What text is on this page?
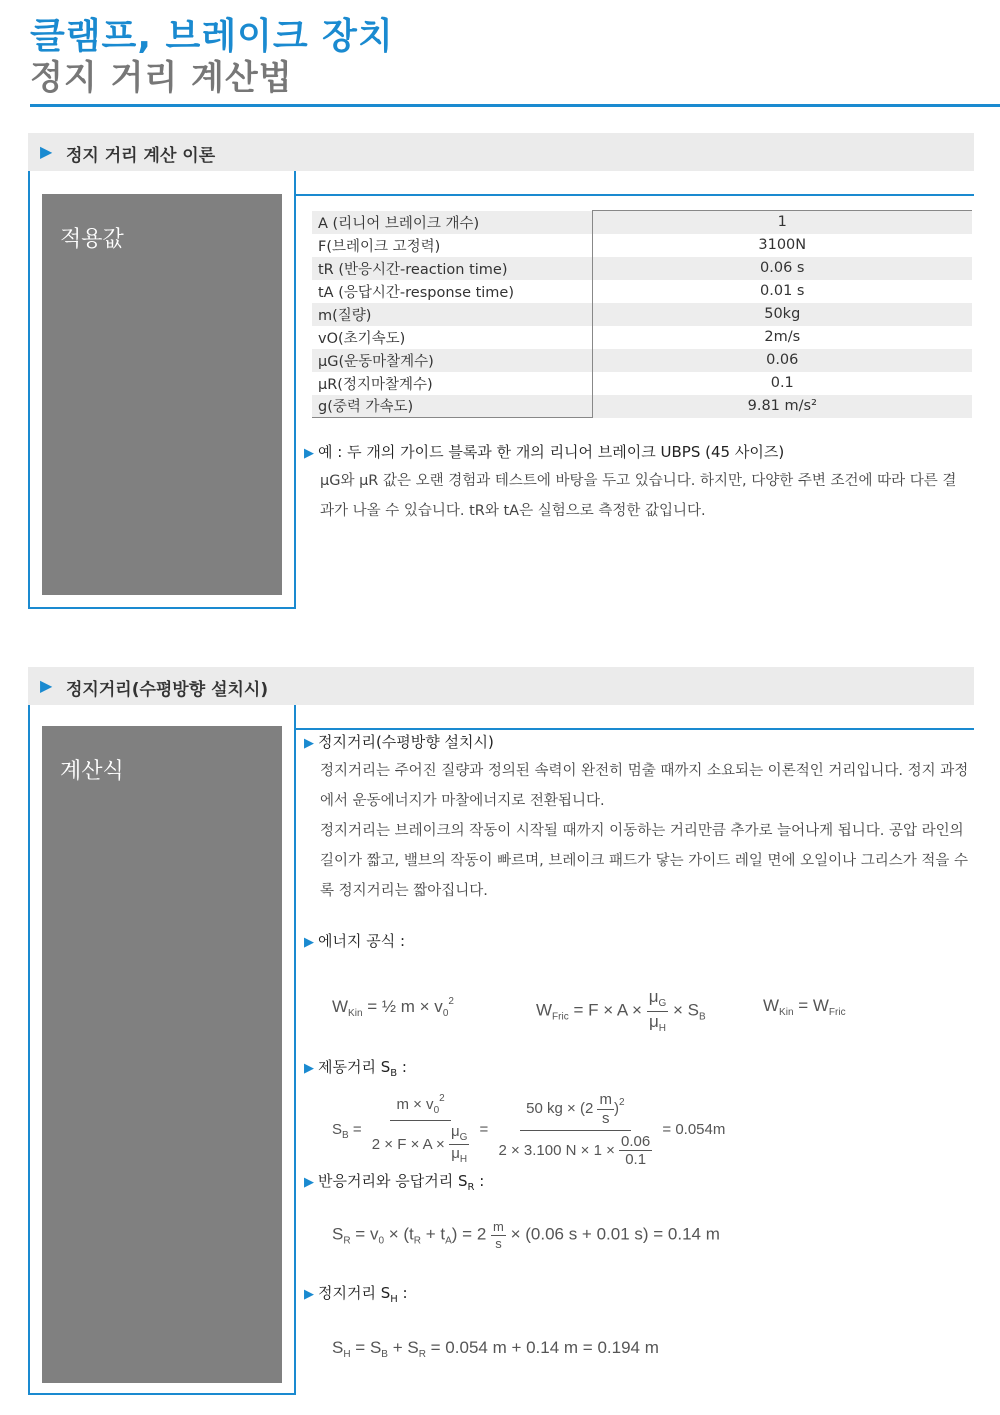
클램프, 브레이크 장치
정지 거리 계산법
▶ 정지 거리 계산 이론
적용값
A (리니어 브레이크 개수)	1
F(브레이크 고정력)	3100N
tR (반응시간-reaction time)	0.06 s
tA (응답시간-response time)	0.01 s
m(질량)	50kg
vO(초기속도)	2m/s
μG(운동마찰계수)	0.06
μR(정지마찰계수)	0.1
g(중력 가속도)	9.81 m/s²
▶ 예 : 두 개의 가이드 블록과 한 개의 리니어 브레이크 UBPS (45 사이즈)
μG와 μR 값은 오랜 경험과 테스트에 바탕을 두고 있습니다. 하지만, 다양한 주변 조건에 따라 다른 결과가 나올 수 있습니다. tR와 tA은 실험으로 측정한 값입니다.
▶ 정지거리(수평방향 설치시)
계산식
▶ 정지거리(수평방향 설치시)
정지거리는 주어진 질량과 정의된 속력이 완전히 멈출 때까지 소요되는 이론적인 거리입니다. 정지 과정에서 운동에너지가 마찰에너지로 전환됩니다.
정지거리는 브레이크의 작동이 시작될 때까지 이동하는 거리만큼 추가로 늘어나게 됩니다. 공압 라인의 길이가 짧고, 밸브의 작동이 빠르며, 브레이크 패드가 닿는 가이드 레일 면에 오일이나 그리스가 적을 수록 정지거리는 짧아집니다.
▶ 에너지 공식 :
$W_{Kin}$ = ½ $m \times v_0^2$	$W_{Fric} = F \times A \times \frac{\mu_G}{\mu_H} \times S_B$
$W_{Kin} = W_{Fric}$
▶ 제동거리 $S_B$ :
$S_B = \frac{m \times v_0^2}{2 \times F \times A \times \frac{\mu_G}{\mu_H}} = \frac{50 kg \times (2 \frac{m}{s} )^2}{2 \times 3.100 N \times 1 \times \frac{0.06}{0.1}} = 0.054m$
▶ 반응거리와 응답거리 $S_R$ :
$S_R = v_0 \times (t_R + t_A) = 2 \frac{m}{s} \times (0.06$ s + 0.01 s) = 0.14 m
▶ 정지거리 $S_H$ :
$S_H = S_B + S_R = 0.054$ m + 0.14 m = 0.194 m
